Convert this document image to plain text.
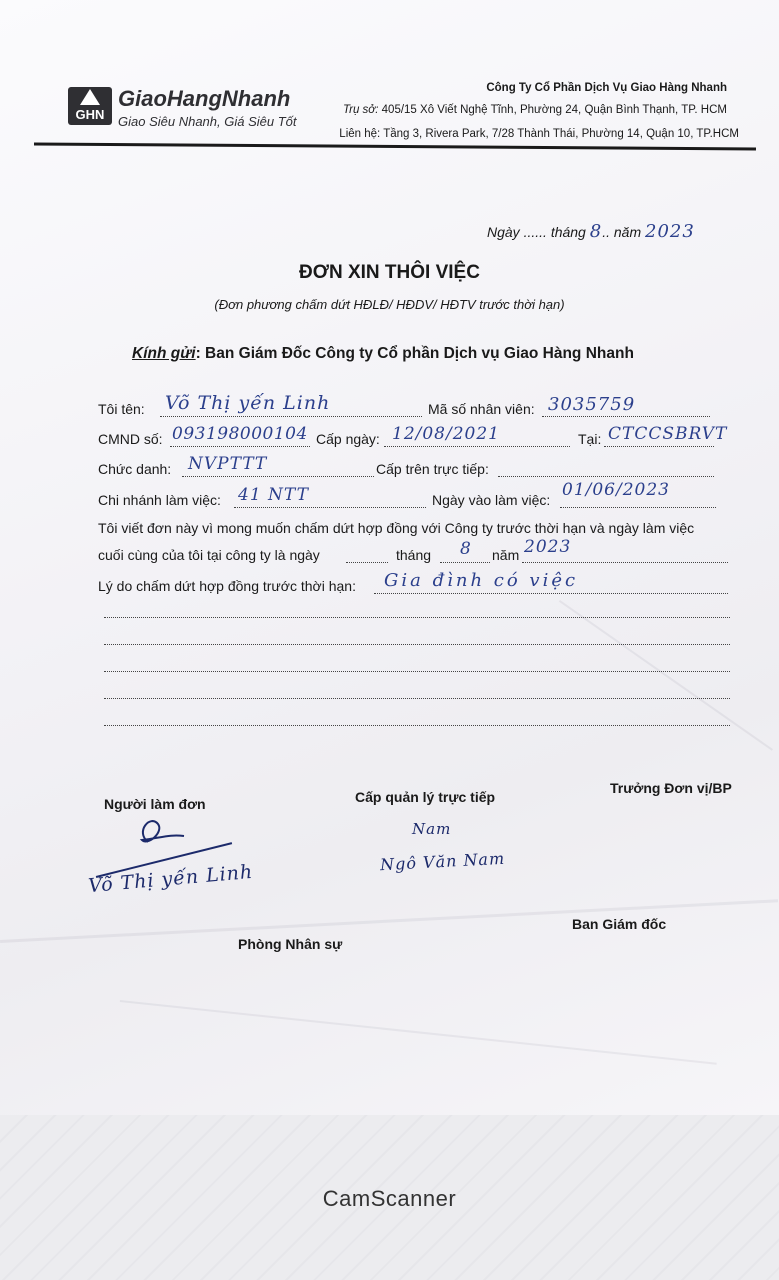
GHN
GiaoHangNhanh
Giao Siêu Nhanh, Giá Siêu Tốt
Công Ty Cổ Phần Dịch Vụ Giao Hàng Nhanh
Trụ sở: 405/15 Xô Viết Nghệ Tĩnh, Phường 24, Quận Bình Thạnh, TP. HCM
Liên hệ: Tầng 3, Rivera Park, 7/28 Thành Thái, Phường 14, Quận 10, TP.HCM
Ngày ...... tháng 8.. năm 2023
ĐƠN XIN THÔI VIỆC
(Đơn phương chấm dứt HĐLĐ/ HĐDV/ HĐTV trước thời hạn)
Kính gửi: Ban Giám Đốc Công ty Cổ phần Dịch vụ Giao Hàng Nhanh
Tôi tên: Võ Thị yến Linh	Mã số nhân viên: 3035759
CMND số: 093198000104 Cấp ngày: 12/08/2021	Tại: CTCCSBRVT
Chức danh: NVPTTT	Cấp trên trực tiếp:
Chi nhánh làm việc: 41 NTT	Ngày vào làm việc: 01/06/2023
Tôi viết đơn này vì mong muốn chấm dứt hợp đồng với Công ty trước thời hạn và ngày làm việc
cuối cùng của tôi tại công ty là ngày	tháng 8 năm 2023
Lý do chấm dứt hợp đồng trước thời hạn: Gia đình có việc
Người làm đơn	Cấp quản lý trực tiếp
Trưởng Đơn vị/BP
Võ Thị yến Linh
Nam
Ngô Văn Nam
Phòng Nhân sự
Ban Giám đốc
CamScanner
